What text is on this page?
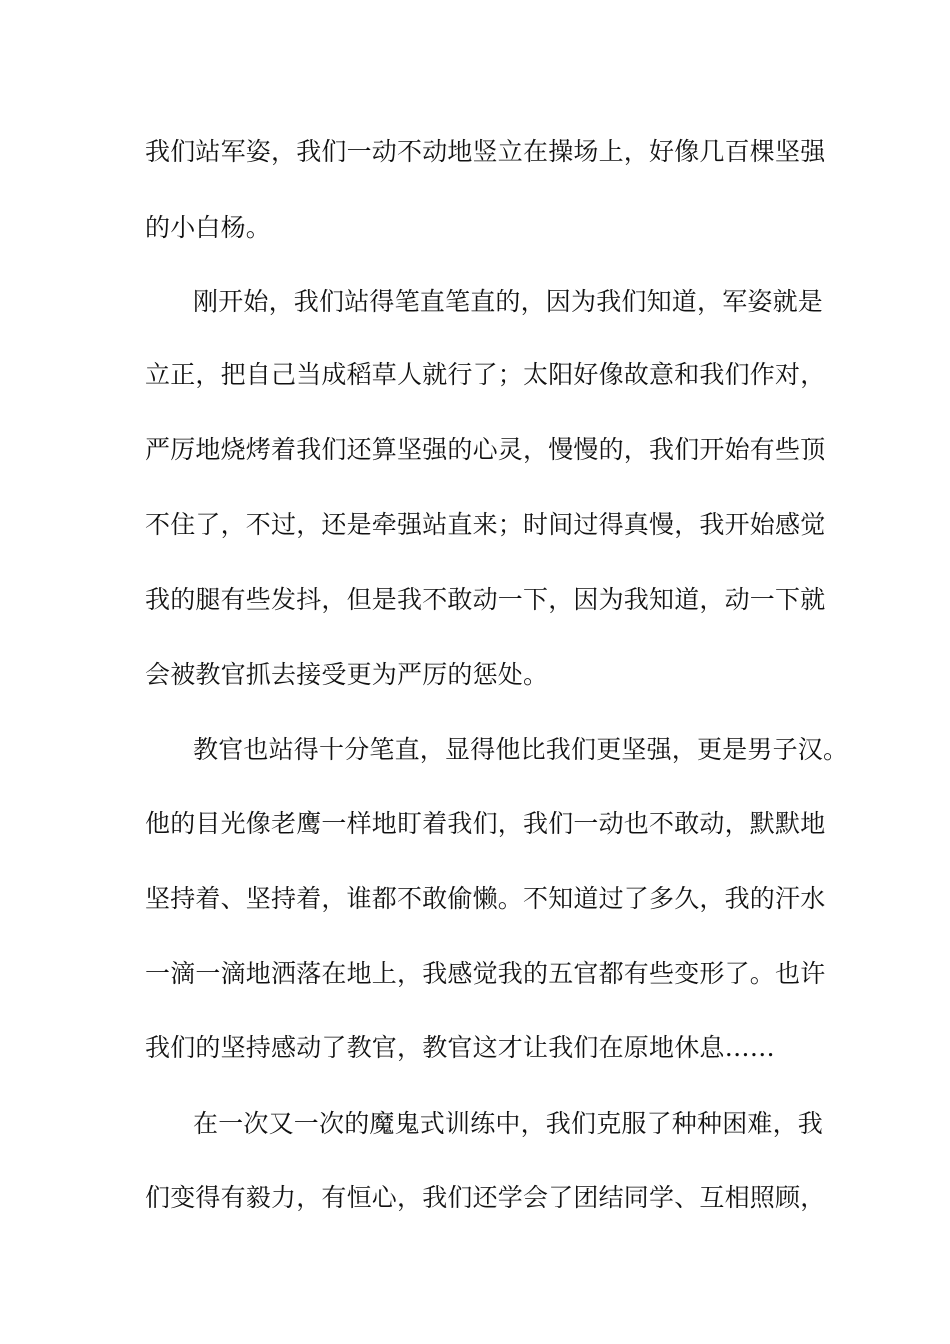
我们站军姿，我们一动不动地竖立在操场上，好像几百棵坚强
的小白杨。
刚开始，我们站得笔直笔直的，因为我们知道，军姿就是
立正，把自己当成稻草人就行了；太阳好像故意和我们作对，
严厉地烧烤着我们还算坚强的心灵，慢慢的，我们开始有些顶
不住了，不过，还是牵强站直来；时间过得真慢，我开始感觉
我的腿有些发抖，但是我不敢动一下，因为我知道，动一下就
会被教官抓去接受更为严厉的惩处。
教官也站得十分笔直，显得他比我们更坚强，更是男子汉。
他的目光像老鹰一样地盯着我们，我们一动也不敢动，默默地
坚持着、坚持着，谁都不敢偷懒。不知道过了多久，我的汗水
一滴一滴地洒落在地上，我感觉我的五官都有些变形了。也许
我们的坚持感动了教官，教官这才让我们在原地休息……
在一次又一次的魔鬼式训练中，我们克服了种种困难，我
们变得有毅力，有恒心，我们还学会了团结同学、互相照顾，
